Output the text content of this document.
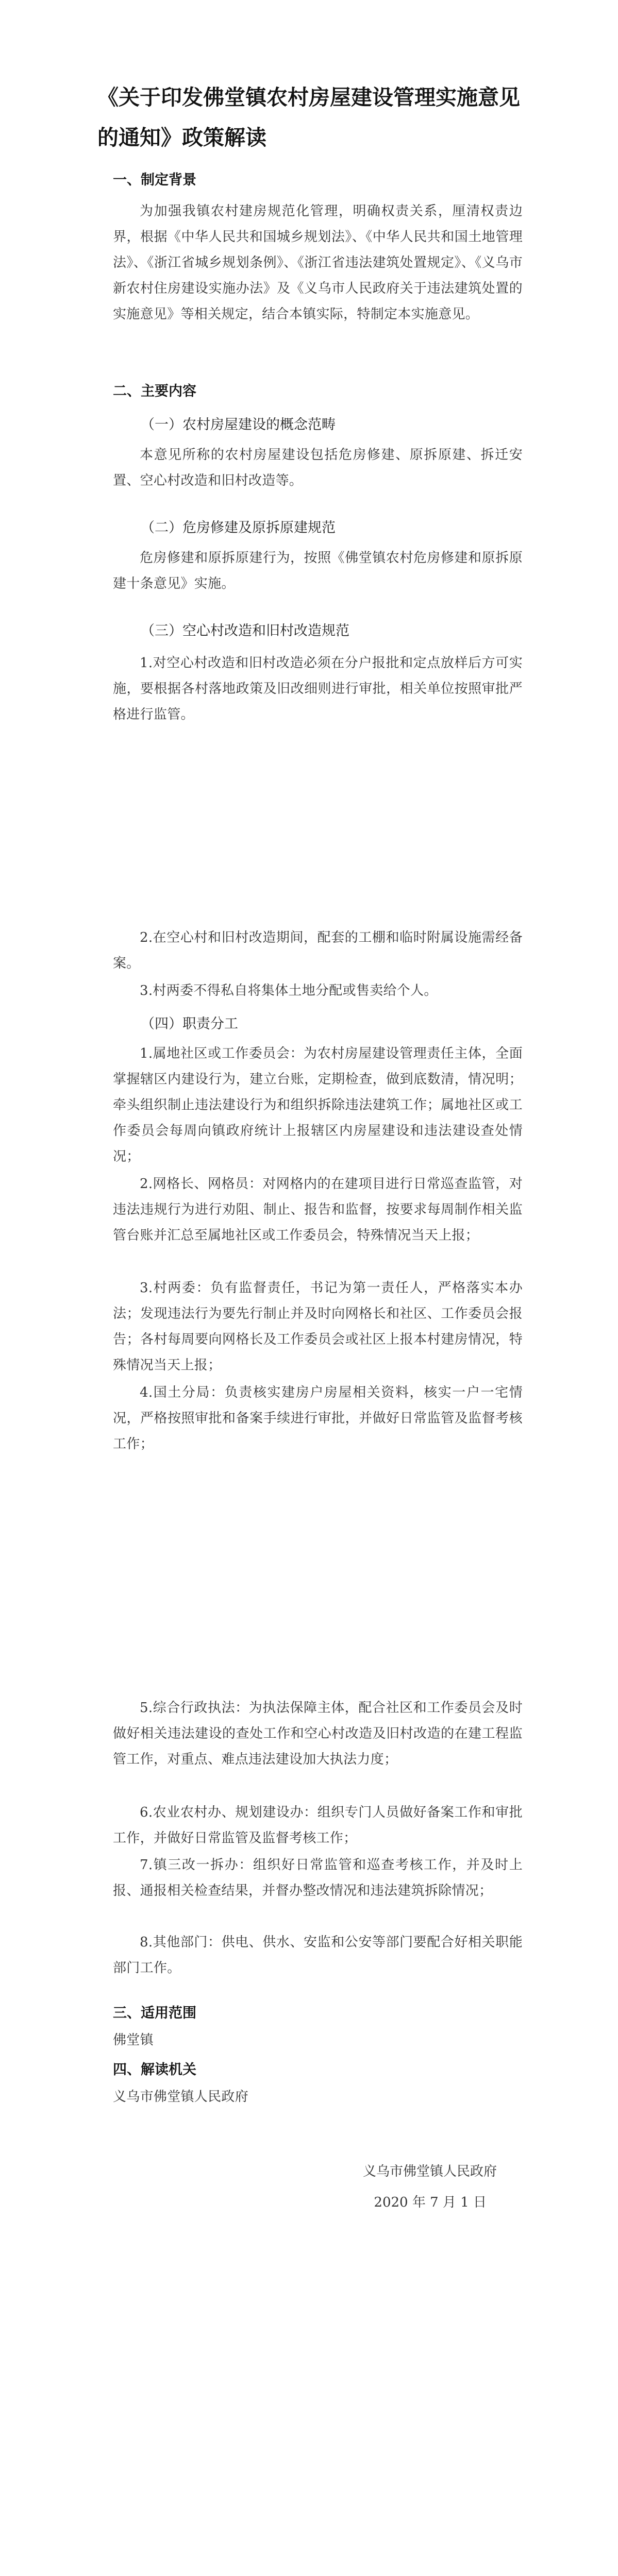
《关于印发佛堂镇农村房屋建设管理实施意见的通知》政策解读
一、制定背景

为加强我镇农村建房规范化管理，明确权责关系，厘清权责边界，根据《中华人民共和国城乡规划法》、《中华人民共和国土地管理法》、《浙江省城乡规划条例》、《浙江省违法建筑处置规定》、《义乌市新农村住房建设实施办法》及《义乌市人民政府关于违法建筑处置的实施意见》等相关规定，结合本镇实际，特制定本实施意见。

二、主要内容
（一）农村房屋建设的概念范畴

本意见所称的农村房屋建设包括危房修建、原拆原建、拆迁安置、空心村改造和旧村改造等。

（二）危房修建及原拆原建规范

危房修建和原拆原建行为，按照《佛堂镇农村危房修建和原拆原建十条意见》实施。

（三）空心村改造和旧村改造规范

1.对空心村改造和旧村改造必须在分户报批和定点放样后方可实施，要根据各村落地政策及旧改细则进行审批，相关单位按照审批严格进行监管。

2.在空心村和旧村改造期间，配套的工棚和临时附属设施需经备案。

3.村两委不得私自将集体土地分配或售卖给个人。

（四）职责分工

1.属地社区或工作委员会：为农村房屋建设管理责任主体，全面掌握辖区内建设行为，建立台账，定期检查，做到底数清，情况明；牵头组织制止违法建设行为和组织拆除违法建筑工作；属地社区或工作委员会每周向镇政府统计上报辖区内房屋建设和违法建设查处情况；

2.网格长、网格员：对网格内的在建项目进行日常巡查监管，对违法违规行为进行劝阻、制止、报告和监督，按要求每周制作相关监管台账并汇总至属地社区或工作委员会，特殊情况当天上报；

3.村两委：负有监督责任，书记为第一责任人，严格落实本办法；发现违法行为要先行制止并及时向网格长和社区、工作委员会报告；各村每周要向网格长及工作委员会或社区上报本村建房情况，特殊情况当天上报；

4.国土分局：负责核实建房户房屋相关资料，核实一户一宅情况，严格按照审批和备案手续进行审批，并做好日常监管及监督考核工作；

5.综合行政执法：为执法保障主体，配合社区和工作委员会及时做好相关违法建设的查处工作和空心村改造及旧村改造的在建工程监管工作，对重点、难点违法建设加大执法力度；

6.农业农村办、规划建设办：组织专门人员做好备案工作和审批工作，并做好日常监管及监督考核工作；

7.镇三改一拆办：组织好日常监管和巡查考核工作，并及时上报、通报相关检查结果，并督办整改情况和违法建筑拆除情况；

8.其他部门：供电、供水、安监和公安等部门要配合好相关职能部门工作。

三、适用范围
佛堂镇
四、解读机关
义乌市佛堂镇人民政府
义乌市佛堂镇人民政府
2020 年 7 月 1 日
